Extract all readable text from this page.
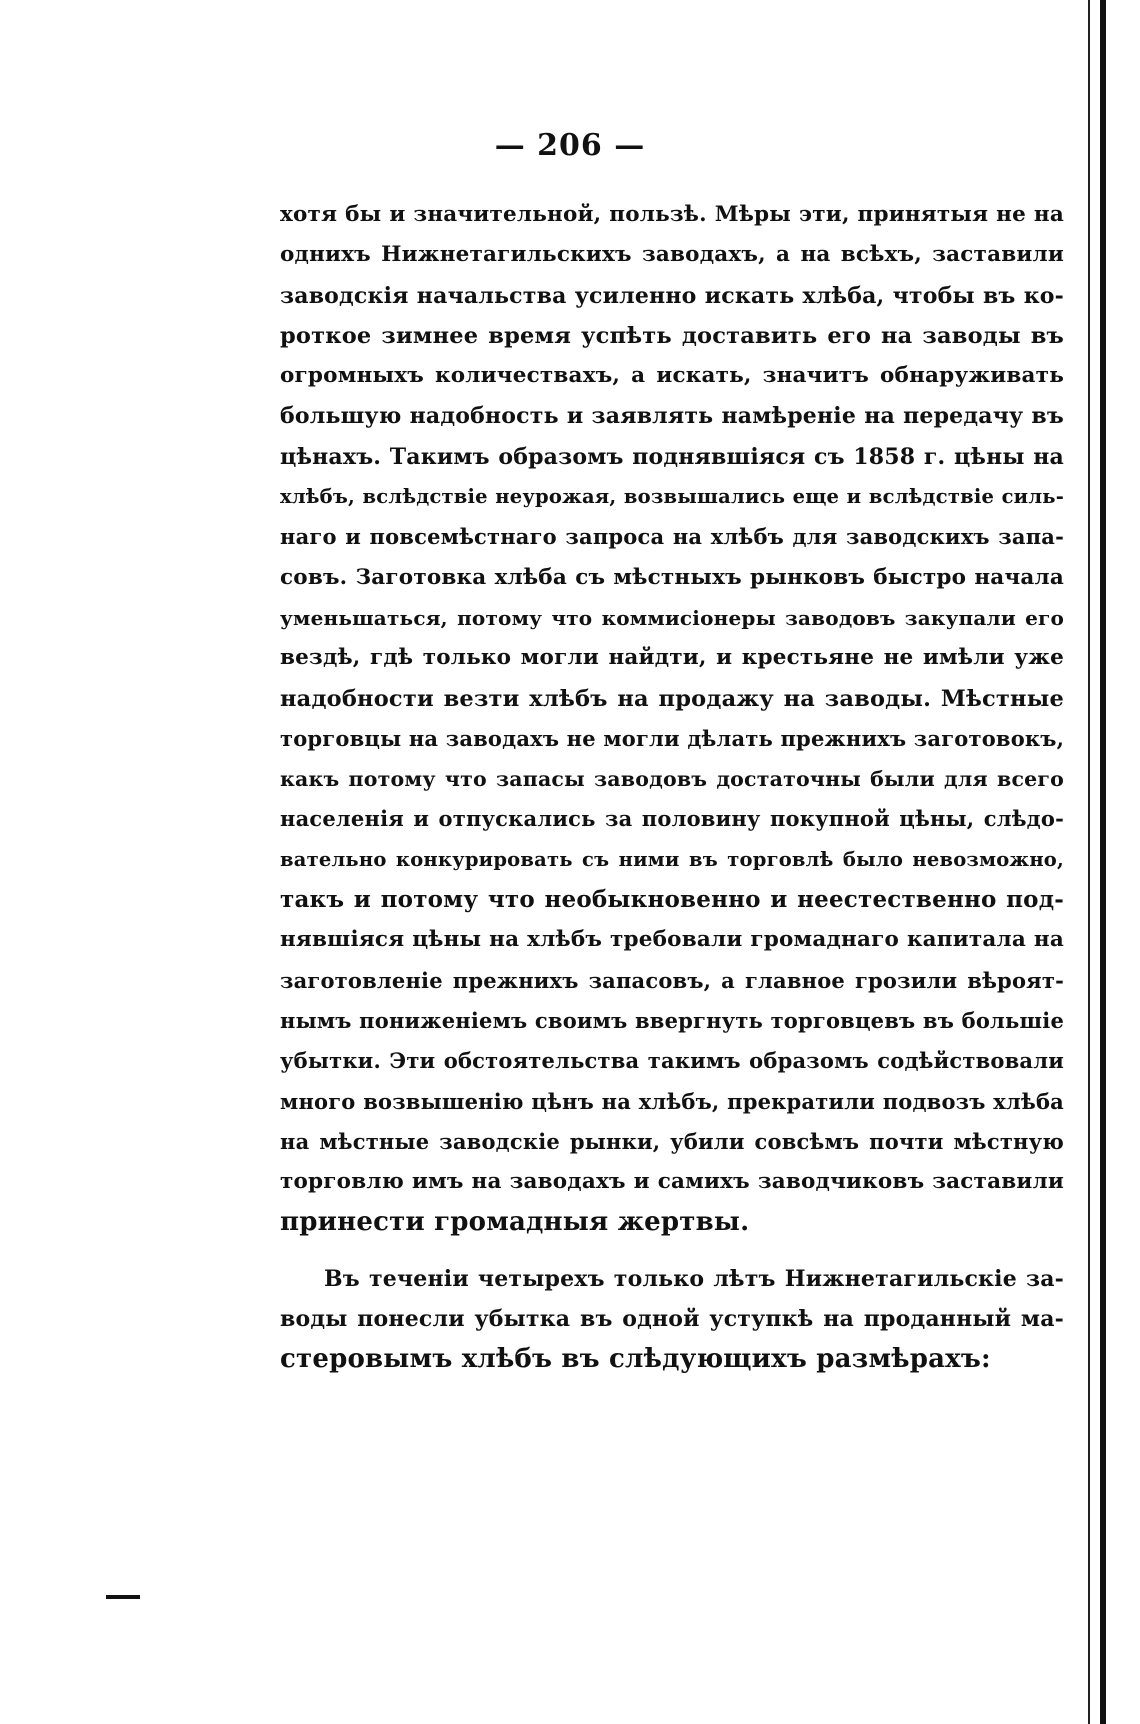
— 206 —
хотя бы и значительной, пользѣ. Мѣры эти, принятыя не на
однихъ Нижнетагильскихъ заводахъ, а на всѣхъ, заставили
заводскія начальства усиленно искать хлѣба, чтобы въ ко-
роткое зимнее время успѣть доставить его на заводы въ
огромныхъ количествахъ, а искать, значитъ обнаруживать
большую надобность и заявлять намѣреніе на передачу въ
цѣнахъ. Такимъ образомъ поднявшіяся съ 1858 г. цѣны на
хлѣбъ, вслѣдствіе неурожая, возвышались еще и вслѣдствіе силь-
наго и повсемѣстнаго запроса на хлѣбъ для заводскихъ запа-
совъ. Заготовка хлѣба съ мѣстныхъ рынковъ быстро начала
уменьшаться, потому что коммисіонеры заводовъ закупали его
вездѣ, гдѣ только могли найдти, и крестьяне не имѣли уже
надобности везти хлѣбъ на продажу на заводы. Мѣстные
торговцы на заводахъ не могли дѣлать прежнихъ заготовокъ,
какъ потому что запасы заводовъ достаточны были для всего
населенія и отпускались за половину покупной цѣны, слѣдо-
вательно конкурировать съ ними въ торговлѣ было невозможно,
такъ и потому что необыкновенно и неестественно под-
нявшіяся цѣны на хлѣбъ требовали громаднаго капитала на
заготовленіе прежнихъ запасовъ, а главное грозили вѣроят-
нымъ пониженіемъ своимъ ввергнуть торговцевъ въ большіе
убытки. Эти обстоятельства такимъ образомъ содѣйствовали
много возвышенію цѣнъ на хлѣбъ, прекратили подвозъ хлѣба
на мѣстные заводскіе рынки, убили совсѣмъ почти мѣстную
торговлю имъ на заводахъ и самихъ заводчиковъ заставили
принести громадныя жертвы.
Въ теченіи четырехъ только лѣтъ Нижнетагильскіе за-
воды понесли убытка въ одной уступкѣ на проданный ма-
стеровымъ хлѣбъ въ слѣдующихъ размѣрахъ:
